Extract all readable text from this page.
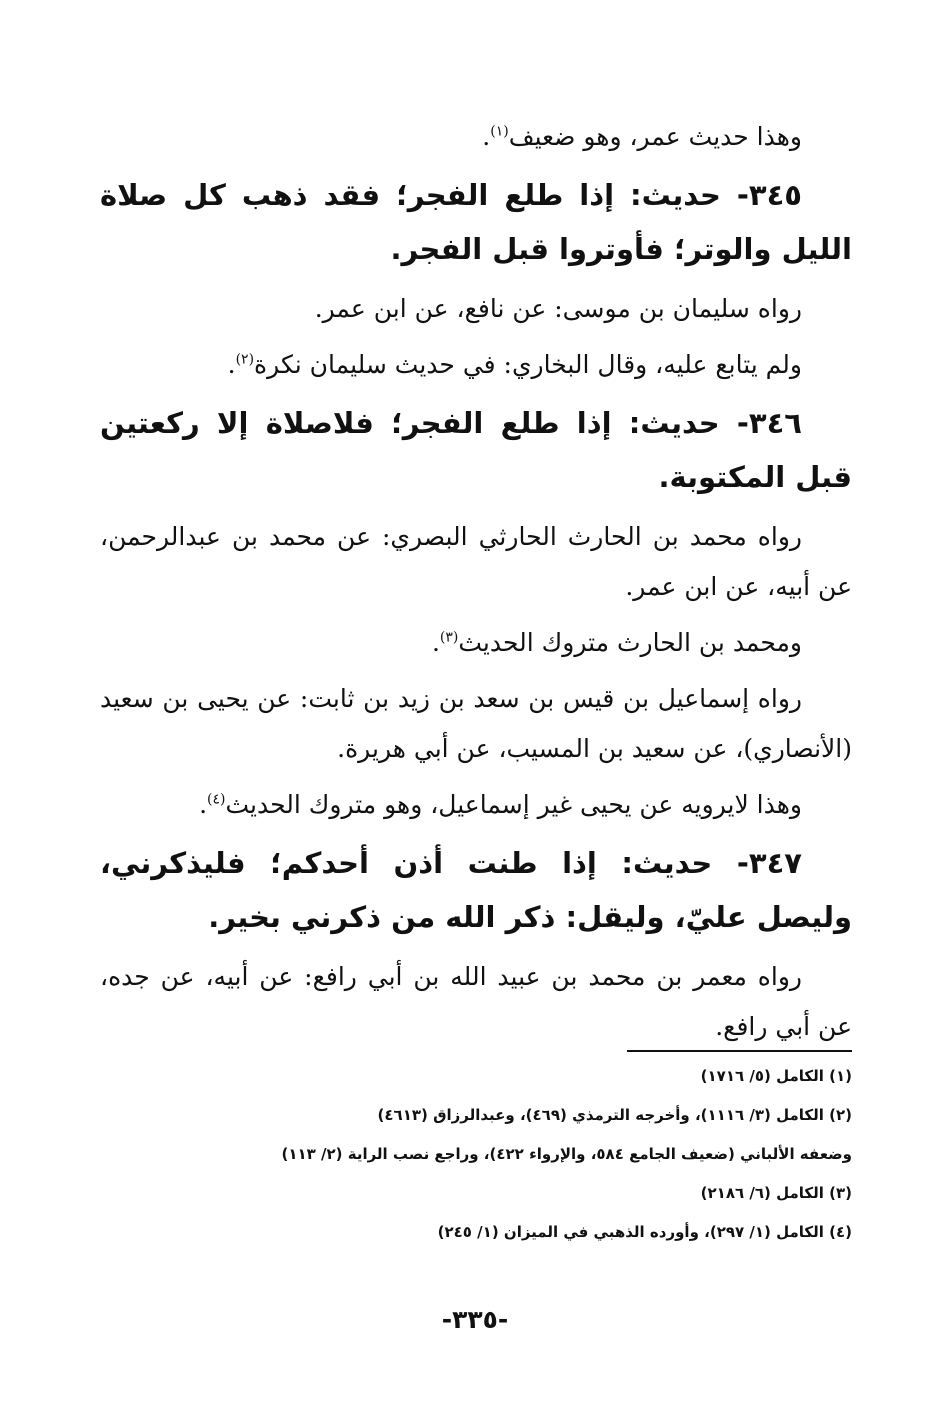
وهذا حديث عمر، وهو ضعيف$^{(١)}$.

٣٤٥- حديث: إذا طلع الفجر؛ فقد ذهب كل صلاة الليل والوتر؛ فأوتروا قبل الفجر.

رواه سليمان بن موسى: عن نافع، عن ابن عمر.

ولم يتابع عليه، وقال البخاري: في حديث سليمان نكرة$^{(٢)}$.

٣٤٦- حديث: إذا طلع الفجر؛ فلاصلاة إلا ركعتين قبل المكتوبة.

رواه محمد بن الحارث الحارثي البصري: عن محمد بن عبدالرحمن، عن أبيه، عن ابن عمر.

ومحمد بن الحارث متروك الحديث$^{(٣)}$.

رواه إسماعيل بن قيس بن سعد بن زيد بن ثابت: عن يحيى بن سعيد (الأنصاري)، عن سعيد بن المسيب، عن أبي هريرة.

وهذا لايرويه عن يحيى غير إسماعيل، وهو متروك الحديث$^{(٤)}$.

٣٤٧- حديث: إذا طنت أذن أحدكم؛ فليذكرني، وليصل عليّ، وليقل: ذكر الله من ذكرني بخير.

رواه معمر بن محمد بن عبيد الله بن أبي رافع: عن أبيه، عن جده، عن أبي رافع.

(١) الكامل (٥/ ١٧١٦)
(٢) الكامل (٣/ ١١١٦)، وأخرجه الترمذي (٤٦٩)، وعبدالرزاق (٤٦١٣)
وضعفه الألباني (ضعيف الجامع ٥٨٤، والإرواء ٤٢٢)، وراجع نصب الراية (٢/ ١١٣)
(٣) الكامل (٦/ ٢١٨٦)
(٤) الكامل (١/ ٢٩٧)، وأورده الذهبي في الميزان (١/ ٢٤٥)
-٣٣٥-
